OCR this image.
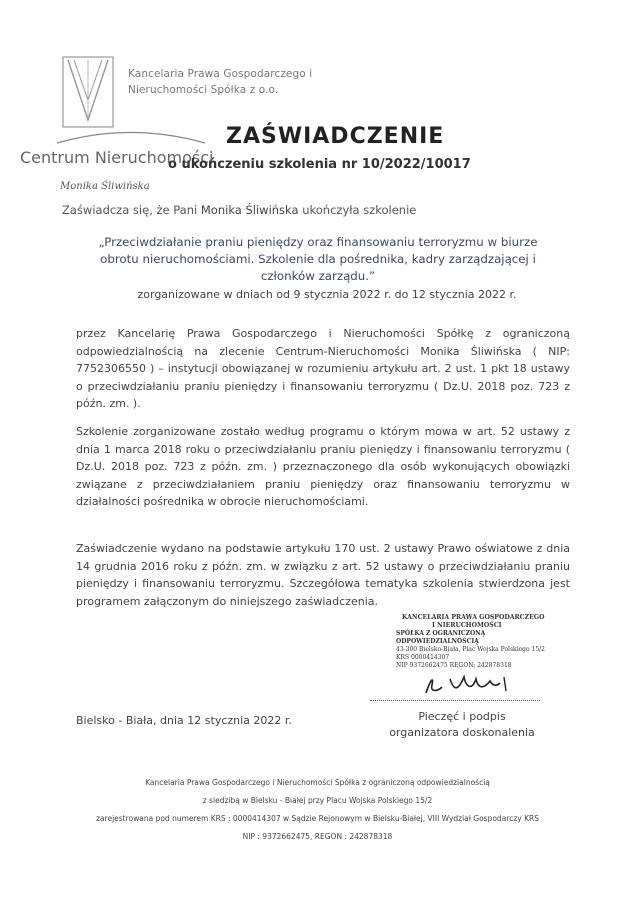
Kancelaria Prawa Gospodarczego i
Nieruchomości Spółka z o.o.
Centrum Nieruchomości
Monika Śliwińska
ZAŚWIADCZENIE
o ukończeniu szkolenia nr 10/2022/10017
Zaświadcza się, że Pani Monika Śliwińska ukończyła szkolenie
„Przeciwdziałanie praniu pieniędzy oraz finansowaniu terroryzmu w biurze obrotu nieruchomościami. Szkolenie dla pośrednika, kadry zarządzającej i członków zarządu.”
zorganizowane w dniach od 9 stycznia 2022 r. do 12 stycznia 2022 r.
przez Kancelarię Prawa Gospodarczego i Nieruchomości Spółkę z ograniczoną odpowiedzialnością na zlecenie Centrum-Nieruchomości Monika Śliwińska ( NIP: 7752306550 ) – instytucji obowiązanej w rozumieniu artykułu art. 2 ust. 1 pkt 18 ustawy o przeciwdziałaniu praniu pieniędzy i finansowaniu terroryzmu ( Dz.U. 2018 poz. 723 z późn. zm. ).
Szkolenie zorganizowane zostało według programu o którym mowa w art. 52 ustawy z dnia 1 marca 2018 roku o przeciwdziałaniu praniu pieniędzy i finansowaniu terroryzmu ( Dz.U. 2018 poz. 723 z późn. zm. ) przeznaczonego dla osób wykonujących obowiązki związane z przeciwdziałaniem praniu pieniędzy oraz finansowaniu terroryzmu w działalności pośrednika w obrocie nieruchomościami.
Zaświadczenie wydano na podstawie artykułu 170 ust. 2 ustawy Prawo oświatowe z dnia 14 grudnia 2016 roku z późn. zm. w związku z art. 52 ustawy o przeciwdziałaniu praniu pieniędzy i finansowaniu terroryzmu. Szczegółowa tematyka szkolenia stwierdzona jest programem załączonym do niniejszego zaświadczenia.
KANCELARIA PRAWA GOSPODARCZEGO
I NIERUCHOMOŚCI
SPÓŁKA Z OGRANICZONĄ ODPOWIEDZIALNOŚCIĄ
43-300 Bielsko-Biała, Plac Wojska Polskiego 15/2
KRS 0000414307
NIP 9372662475 REGON: 242878318
Bielsko - Biała, dnia 12 stycznia 2022 r.	Pieczęć i podpis
organizatora doskonalenia
Kancelaria Prawa Gospodarczego i Nieruchomości Spółka z ograniczoną odpowiedzialnością
z siedzibą w Bielsku - Białej przy Placu Wojska Polskiego 15/2
zarejestrowana pod numerem KRS : 0000414307 w Sądzie Rejonowym w Bielsku-Białej, VIII Wydział Gospodarczy KRS
NIP : 9372662475, REGON : 242878318
